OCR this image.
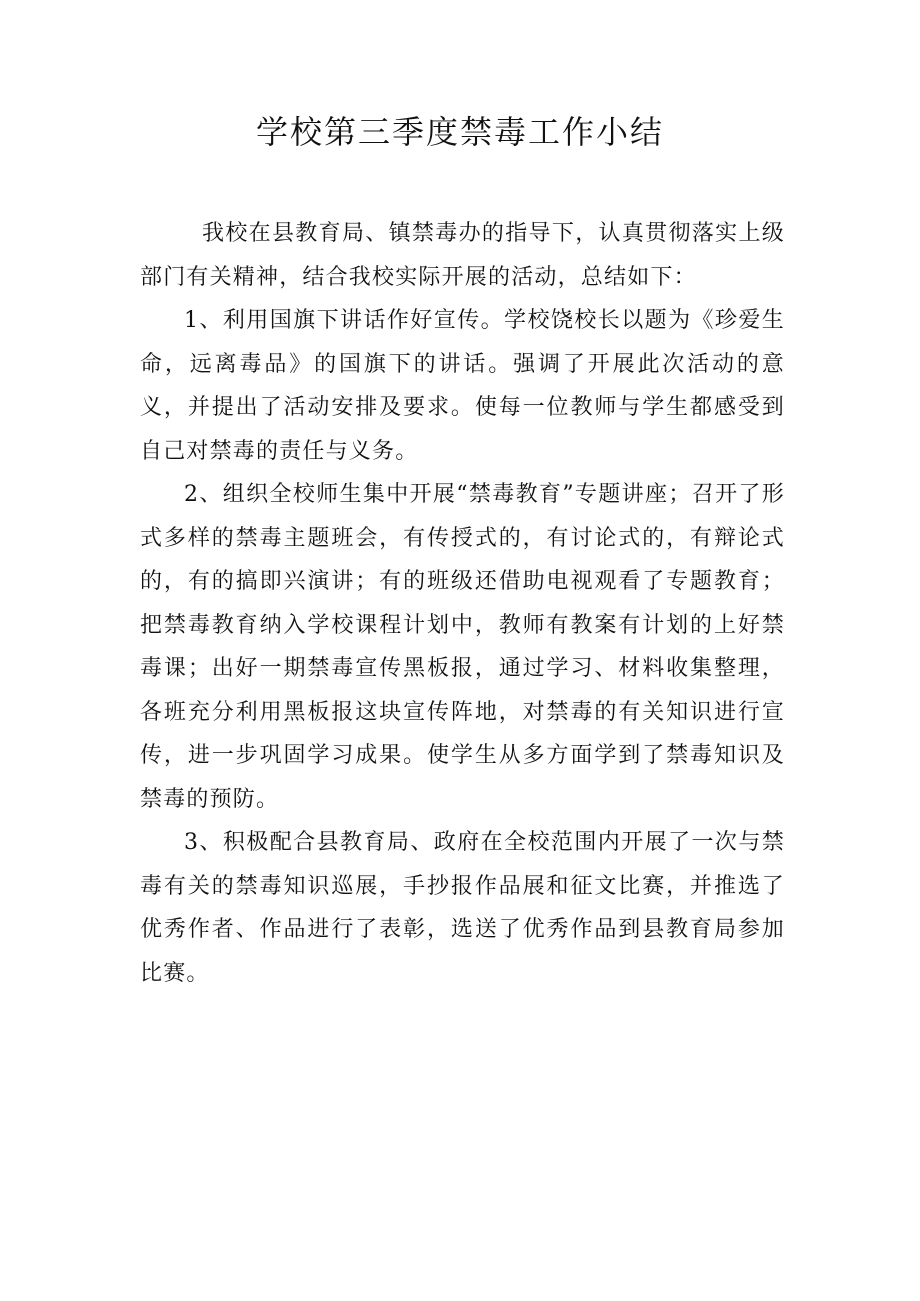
学校第三季度禁毒工作小结

我校在县教育局、镇禁毒办的指导下，认真贯彻落实上级部门有关精神，结合我校实际开展的活动，总结如下：

1、利用国旗下讲话作好宣传。学校饶校长以题为《珍爱生命，远离毒品》的国旗下的讲话。强调了开展此次活动的意义，并提出了活动安排及要求。使每一位教师与学生都感受到自己对禁毒的责任与义务。

2、组织全校师生集中开展“禁毒教育”专题讲座；召开了形式多样的禁毒主题班会，有传授式的，有讨论式的，有辩论式的，有的搞即兴演讲；有的班级还借助电视观看了专题教育；把禁毒教育纳入学校课程计划中，教师有教案有计划的上好禁毒课；出好一期禁毒宣传黑板报，通过学习、材料收集整理，各班充分利用黑板报这块宣传阵地，对禁毒的有关知识进行宣传，进一步巩固学习成果。使学生从多方面学到了禁毒知识及禁毒的预防。

3、积极配合县教育局、政府在全校范围内开展了一次与禁毒有关的禁毒知识巡展，手抄报作品展和征文比赛，并推选了优秀作者、作品进行了表彰，选送了优秀作品到县教育局参加比赛。
